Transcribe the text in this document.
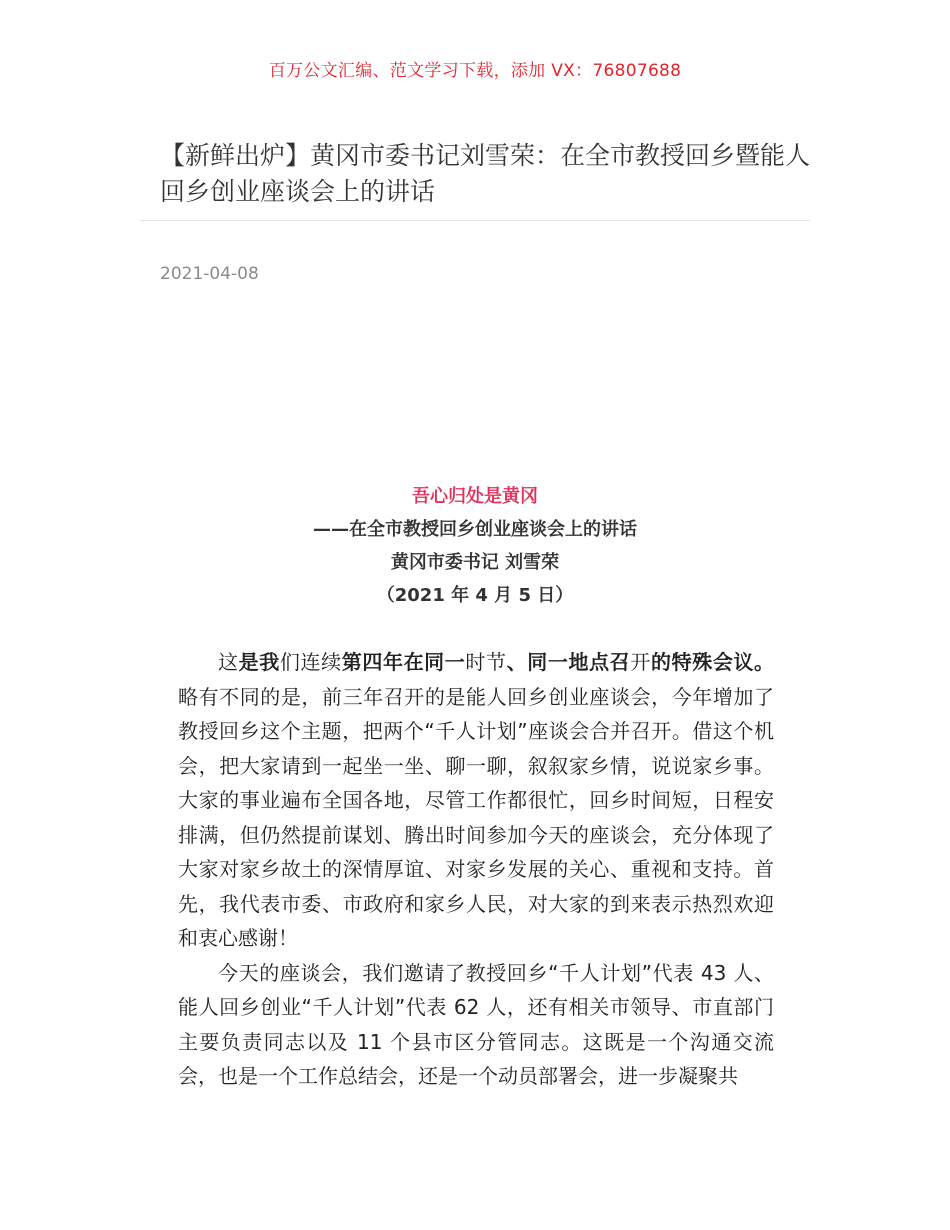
百万公文汇编、范文学习下载，添加 VX：76807688
【新鲜出炉】黄冈市委书记刘雪荣：在全市教授回乡暨能人回乡创业座谈会上的讲话
2021-04-08
吾心归处是黄冈
——在全市教授回乡创业座谈会上的讲话
黄冈市委书记 刘雪荣
（2021 年 4 月 5 日）

这是我们连续第四年在同一时节、同一地点召开的特殊会议。略有不同的是，前三年召开的是能人回乡创业座谈会，今年增加了教授回乡这个主题，把两个“千人计划”座谈会合并召开。借这个机会，把大家请到一起坐一坐、聊一聊，叙叙家乡情，说说家乡事。大家的事业遍布全国各地，尽管工作都很忙，回乡时间短，日程安排满，但仍然提前谋划、腾出时间参加今天的座谈会，充分体现了大家对家乡故土的深情厚谊、对家乡发展的关心、重视和支持。首先，我代表市委、市政府和家乡人民，对大家的到来表示热烈欢迎和衷心感谢！

今天的座谈会，我们邀请了教授回乡“千人计划”代表 43 人、能人回乡创业“千人计划”代表 62 人，还有相关市领导、市直部门主要负责同志以及 11 个县市区分管同志。这既是一个沟通交流会，也是一个工作总结会，还是一个动员部署会，进一步凝聚共
